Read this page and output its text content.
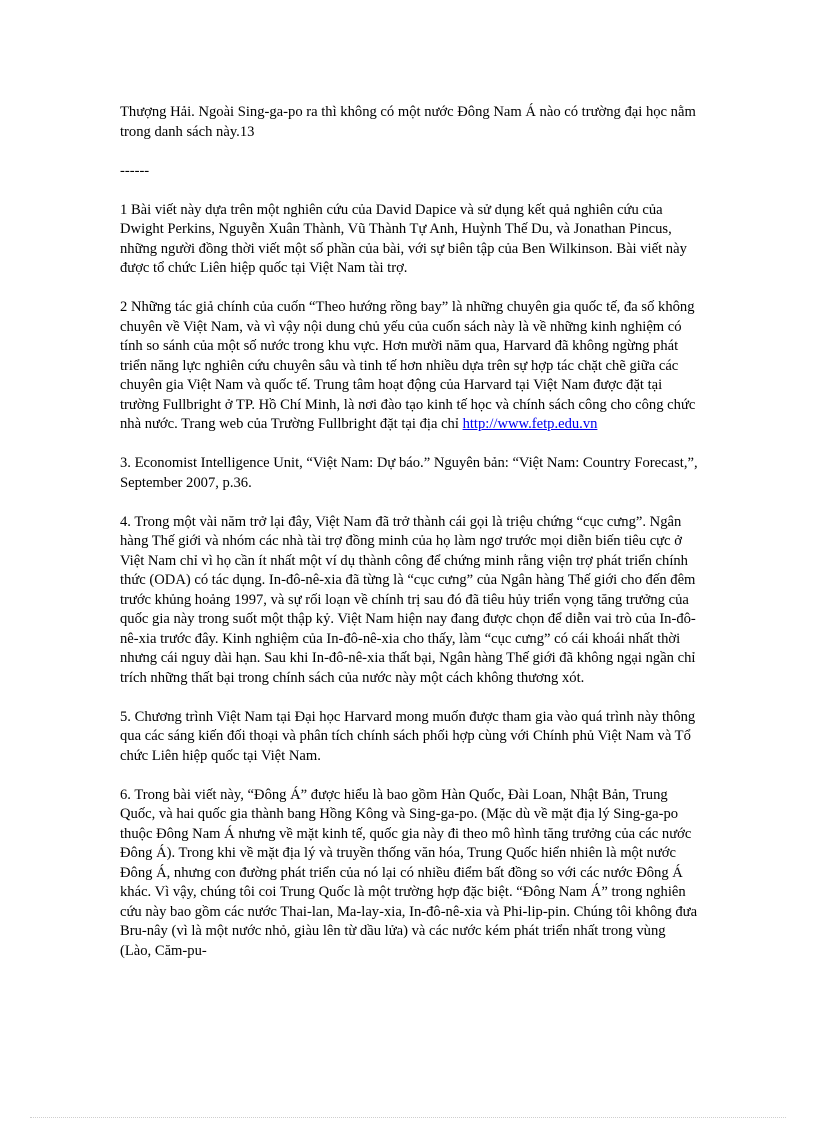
Thượng Hải. Ngoài Sing-ga-po ra thì không có một nước Đông Nam Á nào có trường đại học nằm trong danh sách này.13

------

1 Bài viết này dựa trên một nghiên cứu của David Dapice và sử dụng kết quả nghiên cứu của Dwight Perkins, Nguyễn Xuân Thành, Vũ Thành Tự Anh, Huỳnh Thế Du, và Jonathan Pincus, những người đồng thời viết một số phần của bài, với sự biên tập của Ben Wilkinson. Bài viết này được tổ chức Liên hiệp quốc tại Việt Nam tài trợ.

2 Những tác giả chính của cuốn “Theo hướng rồng bay” là những chuyên gia quốc tế, đa số không chuyên về Việt Nam, và vì vậy nội dung chủ yếu của cuốn sách này là về những kinh nghiệm có tính so sánh của một số nước trong khu vực. Hơn mười năm qua, Harvard đã không ngừng phát triển năng lực nghiên cứu chuyên sâu và tinh tế hơn nhiều dựa trên sự hợp tác chặt chẽ giữa các chuyên gia Việt Nam và quốc tế. Trung tâm hoạt động của Harvard tại Việt Nam được đặt tại trường Fullbright ở TP. Hồ Chí Minh, là nơi đào tạo kinh tế học và chính sách công cho công chức nhà nước. Trang web của Trường Fullbright đặt tại địa chỉ http://www.fetp.edu.vn

3. Economist Intelligence Unit, “Việt Nam: Dự báo.” Nguyên bản: “Việt Nam: Country Forecast,”, September 2007, p.36.

4. Trong một vài năm trở lại đây, Việt Nam đã trở thành cái gọi là triệu chứng “cục cưng”. Ngân hàng Thế giới và nhóm các nhà tài trợ đồng minh của họ làm ngơ trước mọi diễn biến tiêu cực ở Việt Nam chỉ vì họ cần ít nhất một ví dụ thành công để chứng minh rằng viện trợ phát triển chính thức (ODA) có tác dụng. In-đô-nê-xia đã từng là “cục cưng” của Ngân hàng Thế giới cho đến đêm trước khủng hoảng 1997, và sự rối loạn về chính trị sau đó đã tiêu hủy triển vọng tăng trưởng của quốc gia này trong suốt một thập kỷ. Việt Nam hiện nay đang được chọn để diễn vai trò của In-đô-nê-xia trước đây. Kinh nghiệm của In-đô-nê-xia cho thấy, làm “cục cưng” có cái khoái nhất thời nhưng cái nguy dài hạn. Sau khi In-đô-nê-xia thất bại, Ngân hàng Thế giới đã không ngại ngần chỉ trích những thất bại trong chính sách của nước này một cách không thương xót.

5. Chương trình Việt Nam tại Đại học Harvard mong muốn được tham gia vào quá trình này thông qua các sáng kiến đối thoại và phân tích chính sách phối hợp cùng với Chính phủ Việt Nam và Tổ chức Liên hiệp quốc tại Việt Nam.

6. Trong bài viết này, “Đông Á” được hiểu là bao gồm Hàn Quốc, Đài Loan, Nhật Bản, Trung Quốc, và hai quốc gia thành bang Hồng Kông và Sing-ga-po. (Mặc dù về mặt địa lý Sing-ga-po thuộc Đông Nam Á nhưng về mặt kinh tế, quốc gia này đi theo mô hình tăng trưởng của các nước Đông Á). Trong khi về mặt địa lý và truyền thống văn hóa, Trung Quốc hiển nhiên là một nước Đông Á, nhưng con đường phát triển của nó lại có nhiều điểm bất đồng so với các nước Đông Á khác. Vì vậy, chúng tôi coi Trung Quốc là một trường hợp đặc biệt. “Đông Nam Á” trong nghiên cứu này bao gồm các nước Thai-lan, Ma-lay-xia, In-đô-nê-xia và Phi-lip-pin. Chúng tôi không đưa Bru-nây (vì là một nước nhỏ, giàu lên từ dầu lửa) và các nước kém phát triển nhất trong vùng (Lào, Căm-pu-
